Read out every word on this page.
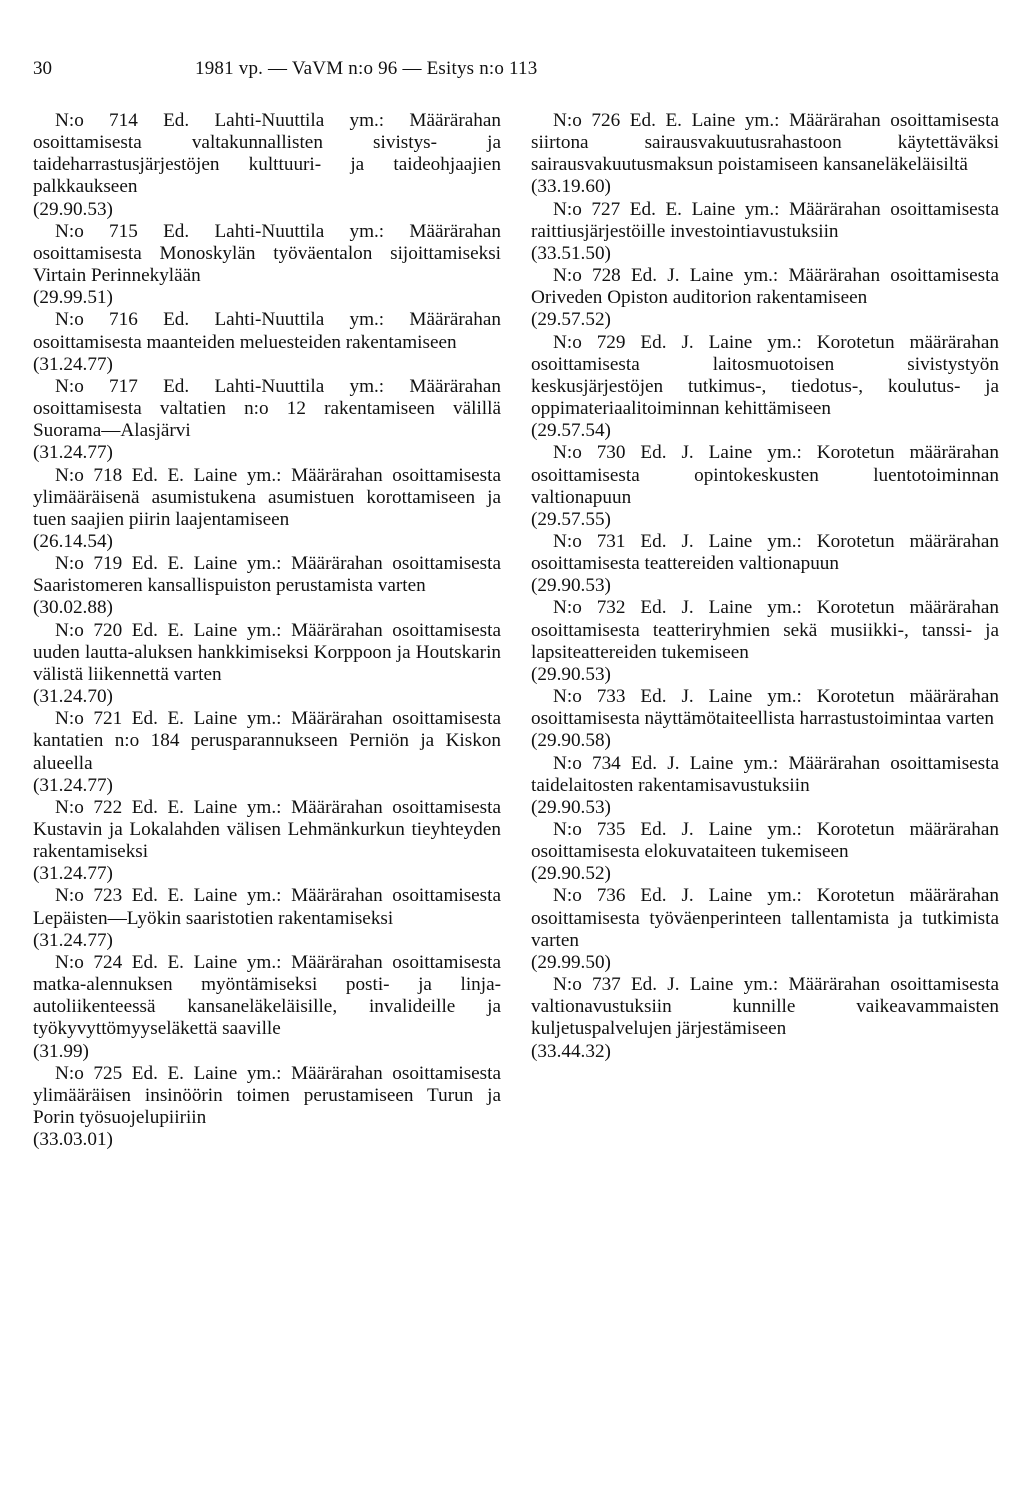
30	1981 vp. — VaVM n:o 96 — Esitys n:o 113
N:o 714 Ed. Lahti-Nuuttila ym.: Määrärahan osoittamisesta valtakunnallisten sivistys- ja taideharrastusjärjestöjen kulttuuri- ja taideohjaajien palkkaukseen
(29.90.53)
N:o 715 Ed. Lahti-Nuuttila ym.: Määrärahan osoittamisesta Monoskylän työväentalon sijoittamiseksi Virtain Perinnekylään
(29.99.51)
N:o 716 Ed. Lahti-Nuuttila ym.: Määrärahan osoittamisesta maanteiden meluesteiden rakentamiseen
(31.24.77)
N:o 717 Ed. Lahti-Nuuttila ym.: Määrärahan osoittamisesta valtatien n:o 12 rakentamiseen välillä Suorama—Alasjärvi
(31.24.77)
N:o 718 Ed. E. Laine ym.: Määrärahan osoittamisesta ylimääräisenä asumistukena asumistuen korottamiseen ja tuen saajien piirin laajentamiseen
(26.14.54)
N:o 719 Ed. E. Laine ym.: Määrärahan osoittamisesta Saaristomeren kansallispuiston perustamista varten
(30.02.88)
N:o 720 Ed. E. Laine ym.: Määrärahan osoittamisesta uuden lautta-aluksen hankkimiseksi Korppoon ja Houtskarin välistä liikennettä varten
(31.24.70)
N:o 721 Ed. E. Laine ym.: Määrärahan osoittamisesta kantatien n:o 184 perusparannukseen Perniön ja Kiskon alueella
(31.24.77)
N:o 722 Ed. E. Laine ym.: Määrärahan osoittamisesta Kustavin ja Lokalahden välisen Lehmänkurkun tieyhteyden rakentamiseksi
(31.24.77)
N:o 723 Ed. E. Laine ym.: Määrärahan osoittamisesta Lepäisten—Lyökin saaristotien rakentamiseksi
(31.24.77)
N:o 724 Ed. E. Laine ym.: Määrärahan osoittamisesta matka-alennuksen myöntämiseksi posti- ja linja-autoliikenteessä kansaneläkeläisille, invalideille ja työkyvyttömyyseläkettä saaville
(31.99)
N:o 725 Ed. E. Laine ym.: Määrärahan osoittamisesta ylimääräisen insinöörin toimen perustamiseen Turun ja Porin työsuojelupiiriin
(33.03.01)
N:o 726 Ed. E. Laine ym.: Määrärahan osoittamisesta siirtona sairausvakuutusrahastoon käytettäväksi sairausvakuutusmaksun poistamiseen kansaneläkeläisiltä
(33.19.60)
N:o 727 Ed. E. Laine ym.: Määrärahan osoittamisesta raittiusjärjestöille investointiavustuksiin
(33.51.50)
N:o 728 Ed. J. Laine ym.: Määrärahan osoittamisesta Oriveden Opiston auditorion rakentamiseen
(29.57.52)
N:o 729 Ed. J. Laine ym.: Korotetun määrärahan osoittamisesta laitosmuotoisen sivistystyön keskusjärjestöjen tutkimus-, tiedotus-, koulutus- ja oppimateriaalitoiminnan kehittämiseen
(29.57.54)
N:o 730 Ed. J. Laine ym.: Korotetun määrärahan osoittamisesta opintokeskusten luentotoiminnan valtionapuun
(29.57.55)
N:o 731 Ed. J. Laine ym.: Korotetun määrärahan osoittamisesta teattereiden valtionapuun
(29.90.53)
N:o 732 Ed. J. Laine ym.: Korotetun määrärahan osoittamisesta teatteriryhmien sekä musiikki-, tanssi- ja lapsiteattereiden tukemiseen
(29.90.53)
N:o 733 Ed. J. Laine ym.: Korotetun määrärahan osoittamisesta näyttämötaiteellista harrastustoimintaa varten
(29.90.58)
N:o 734 Ed. J. Laine ym.: Määrärahan osoittamisesta taidelaitosten rakentamisavustuksiin
(29.90.53)
N:o 735 Ed. J. Laine ym.: Korotetun määrärahan osoittamisesta elokuvataiteen tukemiseen
(29.90.52)
N:o 736 Ed. J. Laine ym.: Korotetun määrärahan osoittamisesta työväenperinteen tallentamista ja tutkimista varten
(29.99.50)
N:o 737 Ed. J. Laine ym.: Määrärahan osoittamisesta valtionavustuksiin kunnille vaikeavammaisten kuljetuspalvelujen järjestämiseen
(33.44.32)
